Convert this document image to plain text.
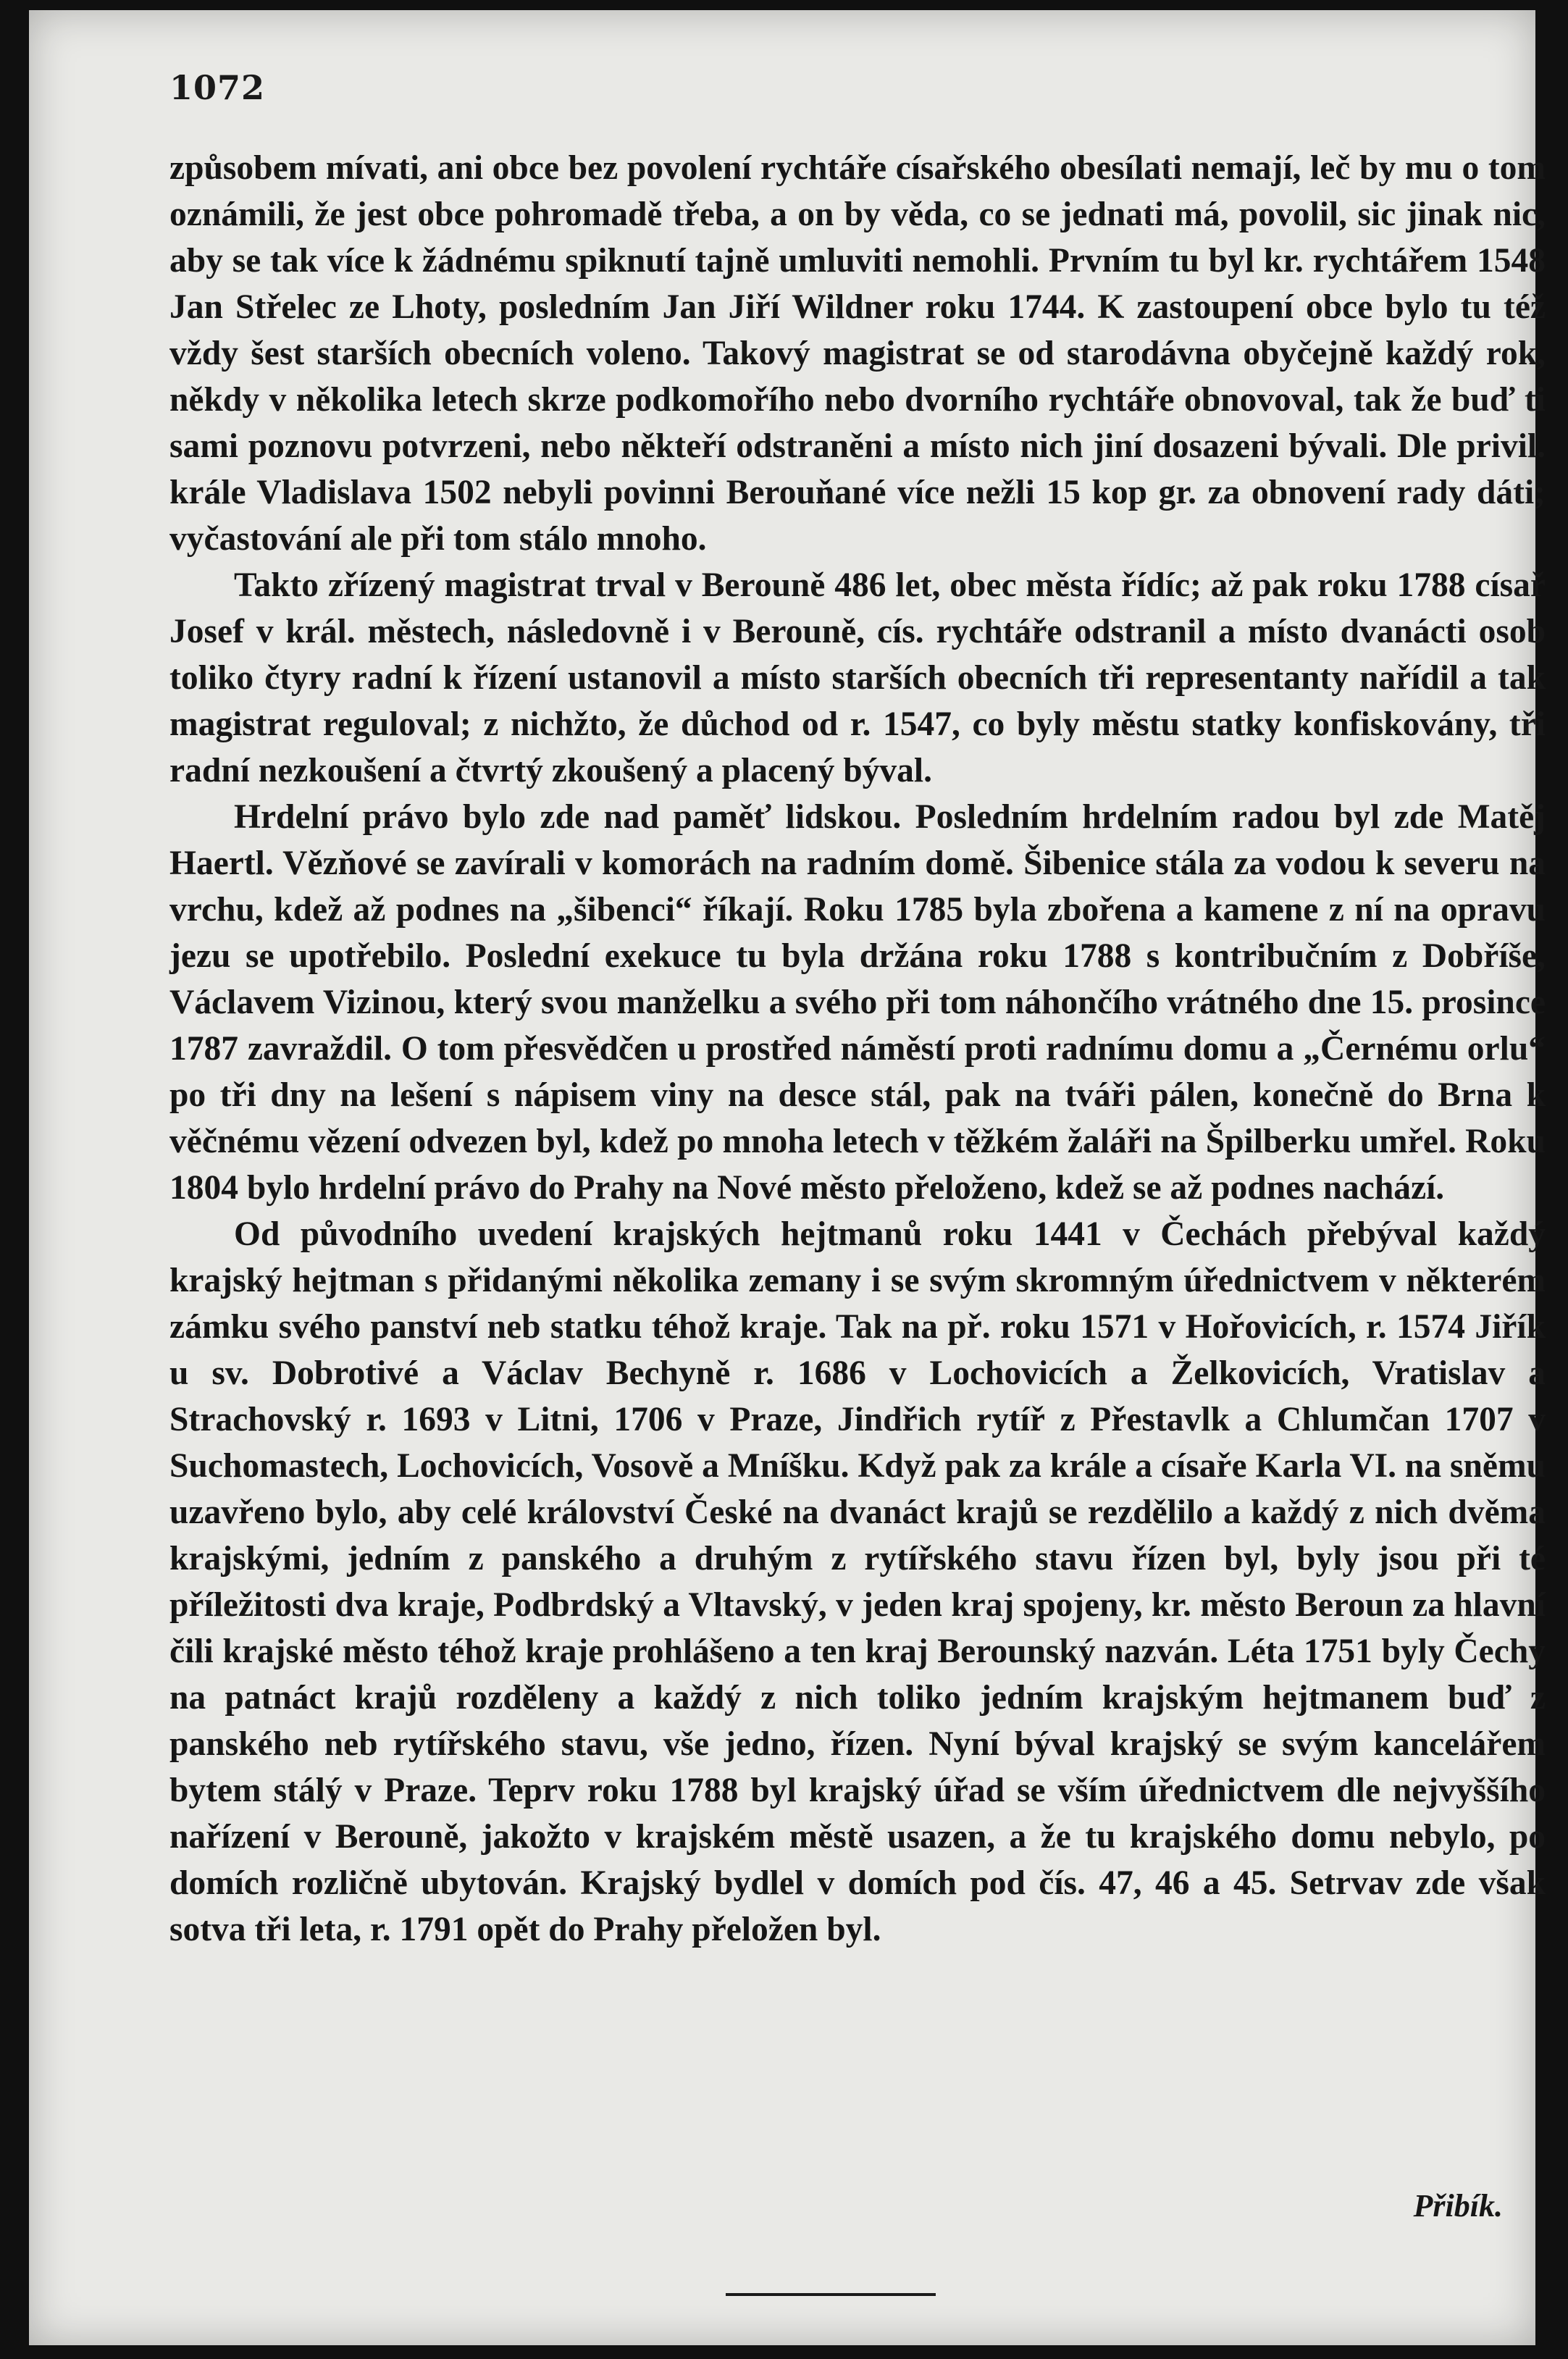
1072

způsobem mívati, ani obce bez povolení rychtáře císařského obesílati nemají, leč by mu o tom oznámili, že jest obce pohromadě třeba, a on by věda, co se jednati má, povolil, sic jinak nic, aby se tak více k žádnému spiknutí tajně umluviti nemohli. Prvním tu byl kr. rychtářem 1548 Jan Střelec ze Lhoty, posledním Jan Jiří Wildner roku 1744. K zastoupení obce bylo tu též vždy šest starších obecních voleno. Takový magistrat se od starodávna obyčejně každý rok, někdy v několika letech skrze podkomořího nebo dvorního rychtáře obnovoval, tak že buď ti sami poznovu potvrzeni, nebo někteří odstraněni a místo nich jiní dosazeni bývali. Dle privil. krále Vladislava 1502 nebyli povinni Berouňané více nežli 15 kop gr. za obnovení rady dáti; vyčastování ale při tom stálo mnoho.

Takto zřízený magistrat trval v Berouně 486 let, obec města řídíc; až pak roku 1788 císař Josef v král. městech, následovně i v Berouně, cís. rychtáře odstranil a místo dvanácti osob toliko čtyry radní k řízení ustanovil a místo starších obecních tři representanty nařídil a tak magistrat reguloval; z nichžto, že důchod od r. 1547, co byly městu statky konfiskovány, tři radní nezkoušení a čtvrtý zkoušený a placený býval.

Hrdelní právo bylo zde nad paměť lidskou. Posledním hrdelním radou byl zde Matěj Haertl. Vězňové se zavírali v komorách na radním domě. Šibenice stála za vodou k severu na vrchu, kdež až podnes na „šibenci“ říkají. Roku 1785 byla zbořena a kamene z ní na opravu jezu se upotřebilo. Poslední exekuce tu byla držána roku 1788 s kontribučním z Dobříše, Václavem Vizinou, který svou manželku a svého při tom náhončího vrátného dne 15. prosince 1787 zavraždil. O tom přesvědčen u prostřed náměstí proti radnímu domu a „Černému orlu“ po tři dny na lešení s nápisem viny na desce stál, pak na tváři pálen, konečně do Brna k věčnému vězení odvezen byl, kdež po mnoha letech v těžkém žaláři na Špilberku umřel. Roku 1804 bylo hrdelní právo do Prahy na Nové město přeloženo, kdež se až podnes nachází.

Od původního uvedení krajských hejtmanů roku 1441 v Čechách přebýval každý krajský hejtman s přidanými několika zemany i se svým skromným úřednictvem v některém zámku svého panství neb statku téhož kraje. Tak na př. roku 1571 v Hořovicích, r. 1574 Jiřík u sv. Dobrotivé a Václav Bechyně r. 1686 v Lochovicích a Želkovicích, Vratislav a Strachovský r. 1693 v Litni, 1706 v Praze, Jindřich rytíř z Přestavlk a Chlumčan 1707 v Suchomastech, Lochovicích, Vosově a Mníšku. Když pak za krále a císaře Karla VI. na sněmu uzavřeno bylo, aby celé království České na dvanáct krajů se rezdělilo a každý z nich dvěma krajskými, jedním z panského a druhým z rytířského stavu řízen byl, byly jsou při té příležitosti dva kraje, Podbrdský a Vltavský, v jeden kraj spojeny, kr. město Beroun za hlavní čili krajské město téhož kraje prohlášeno a ten kraj Berounský nazván. Léta 1751 byly Čechy na patnáct krajů rozděleny a každý z nich toliko jedním krajským hejtmanem buď z panského neb rytířského stavu, vše jedno, řízen. Nyní býval krajský se svým kancelářem bytem stálý v Praze. Teprv roku 1788 byl krajský úřad se vším úřednictvem dle nejvyššího nařízení v Berouně, jakožto v krajském městě usazen, a že tu krajského domu nebylo, po domích rozličně ubytován. Krajský bydlel v domích pod čís. 47, 46 a 45. Setrvav zde však sotva tři leta, r. 1791 opět do Prahy přeložen byl.

Přibík.
